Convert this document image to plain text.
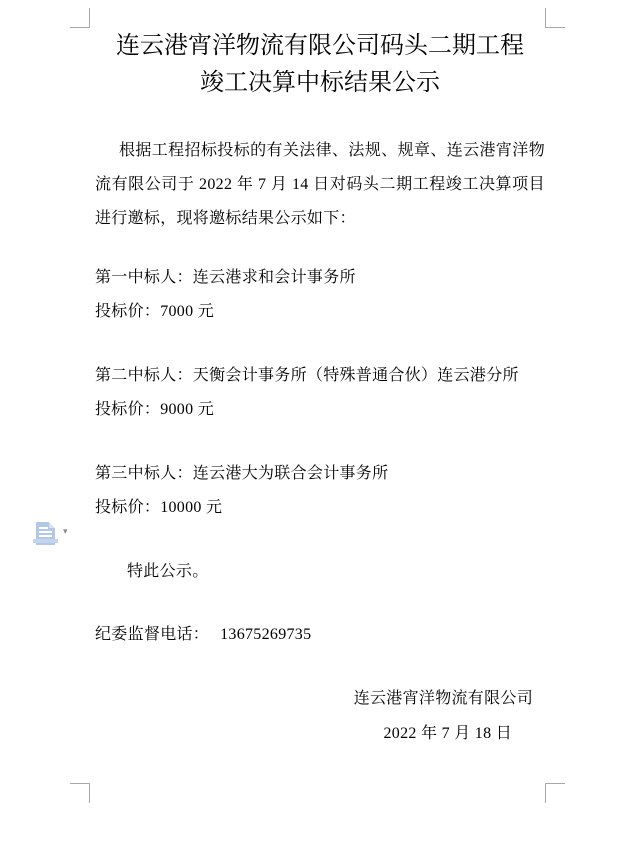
▾
连云港宵洋物流有限公司码头二期工程
竣工决算中标结果公示
根据工程招标投标的有关法律、法规、规章、连云港宵洋物流有限公司于 2022 年 7 月 14 日对码头二期工程竣工决算项目进行邀标，现将邀标结果公示如下：
第一中标人：连云港求和会计事务所
投标价：7000 元
第二中标人：天衡会计事务所（特殊普通合伙）连云港分所
投标价：9000 元
第三中标人：连云港大为联合会计事务所
投标价：10000 元
特此公示。
纪委监督电话： 13675269735
连云港宵洋物流有限公司
2022 年 7 月 18 日
